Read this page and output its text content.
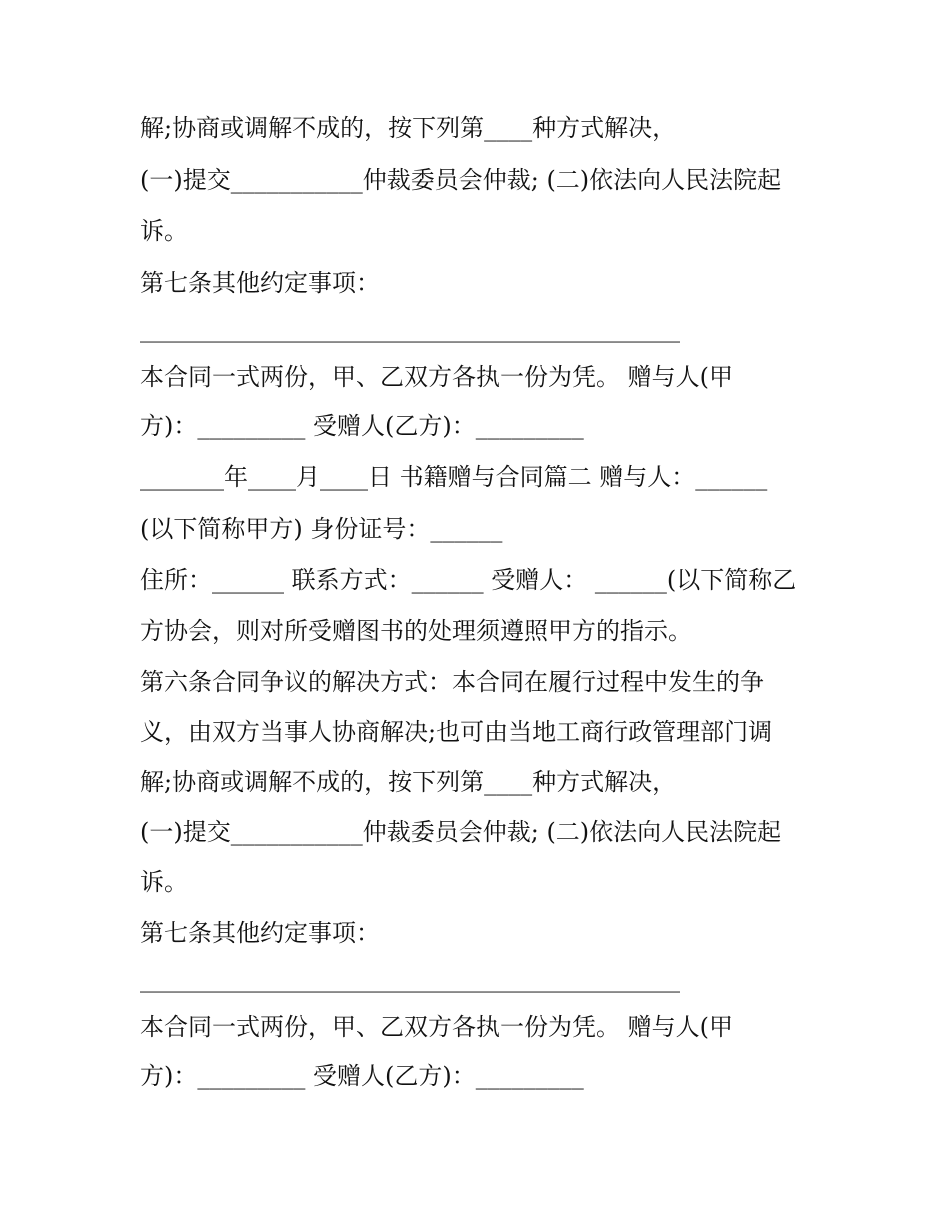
解;协商或调解不成的，按下列第____种方式解决，
(一)提交___________仲裁委员会仲裁; (二)依法向人民法院起
诉。
第七条其他约定事项：
_____________________________________________
本合同一式两份，甲、乙双方各执一份为凭。 赠与人(甲
方)：_________ 受赠人(乙方)：_________
_______年____月____日 书籍赠与合同篇二 赠与人：______
(以下简称甲方) 身份证号：______
住所：______ 联系方式：______ 受赠人： ______(以下简称乙
方协会，则对所受赠图书的处理须遵照甲方的指示。
第六条合同争议的解决方式：本合同在履行过程中发生的争
义，由双方当事人协商解决;也可由当地工商行政管理部门调
解;协商或调解不成的，按下列第____种方式解决，
(一)提交___________仲裁委员会仲裁; (二)依法向人民法院起
诉。
第七条其他约定事项：
_____________________________________________
本合同一式两份，甲、乙双方各执一份为凭。 赠与人(甲
方)：_________ 受赠人(乙方)：_________
